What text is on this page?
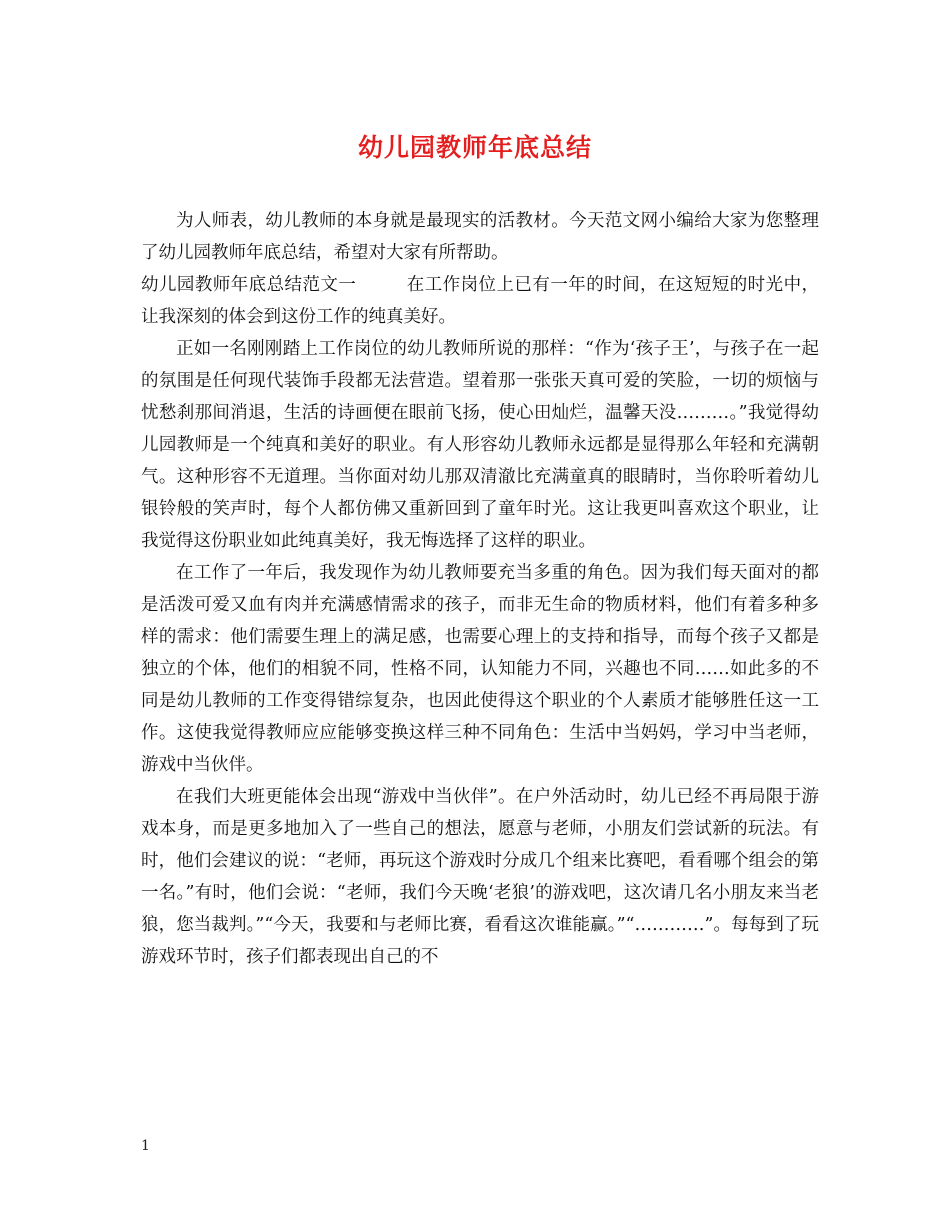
幼儿园教师年底总结

为人师表，幼儿教师的本身就是最现实的活教材。今天范文网小编给大家为您整理了幼儿园教师年底总结，希望对大家有所帮助。

幼儿园教师年底总结范文一	在工作岗位上已有一年的时间，在这短短的时光中，让我深刻的体会到这份工作的纯真美好。

正如一名刚刚踏上工作岗位的幼儿教师所说的那样：“作为‘孩子王’，与孩子在一起的氛围是任何现代装饰手段都无法营造。望着那一张张天真可爱的笑脸，一切的烦恼与忧愁刹那间消退，生活的诗画便在眼前飞扬，使心田灿烂，温馨天没………。”我觉得幼儿园教师是一个纯真和美好的职业。有人形容幼儿教师永远都是显得那么年轻和充满朝气。这种形容不无道理。当你面对幼儿那双清澈比充满童真的眼睛时，当你聆听着幼儿银铃般的笑声时，每个人都仿佛又重新回到了童年时光。这让我更叫喜欢这个职业，让我觉得这份职业如此纯真美好，我无悔选择了这样的职业。

在工作了一年后，我发现作为幼儿教师要充当多重的角色。因为我们每天面对的都是活泼可爱又血有肉并充满感情需求的孩子，而非无生命的物质材料，他们有着多种多样的需求：他们需要生理上的满足感，也需要心理上的支持和指导，而每个孩子又都是独立的个体，他们的相貌不同，性格不同，认知能力不同，兴趣也不同……如此多的不同是幼儿教师的工作变得错综复杂，也因此使得这个职业的个人素质才能够胜任这一工作。这使我觉得教师应应能够变换这样三种不同角色：生活中当妈妈，学习中当老师，游戏中当伙伴。

在我们大班更能体会出现“游戏中当伙伴”。在户外活动时，幼儿已经不再局限于游戏本身，而是更多地加入了一些自己的想法，愿意与老师，小朋友们尝试新的玩法。有时，他们会建议的说：“老师，再玩这个游戏时分成几个组来比赛吧，看看哪个组会的第一名。”有时，他们会说：“老师，我们今天晚‘老狼’的游戏吧，这次请几名小朋友来当老狼，您当裁判。”“今天，我要和与老师比赛，看看这次谁能赢。”“…………”。每每到了玩游戏环节时，孩子们都表现出自己的不

1
